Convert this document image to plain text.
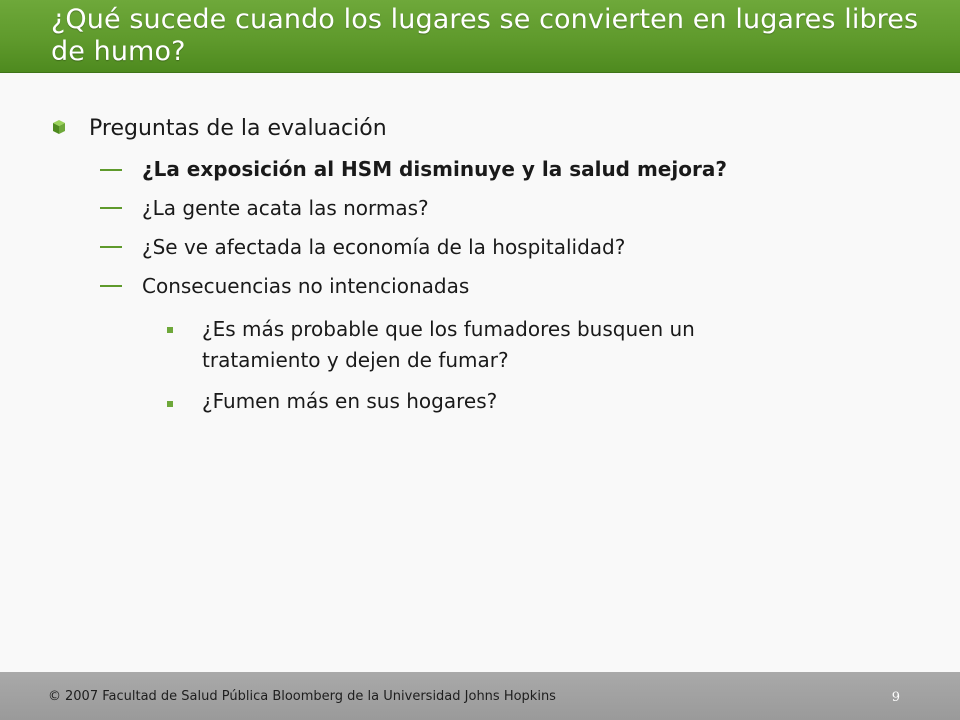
¿Qué sucede cuando los lugares se convierten en lugares libres de humo?
Preguntas de la evaluación
¿La exposición al HSM disminuye y la salud mejora?
¿La gente acata las normas?
¿Se ve afectada la economía de la hospitalidad?
Consecuencias no intencionadas
¿Es más probable que los fumadores busquen un tratamiento y dejen de fumar?
¿Fumen más en sus hogares?
© 2007 Facultad de Salud Pública Bloomberg de la Universidad Johns Hopkins	9
